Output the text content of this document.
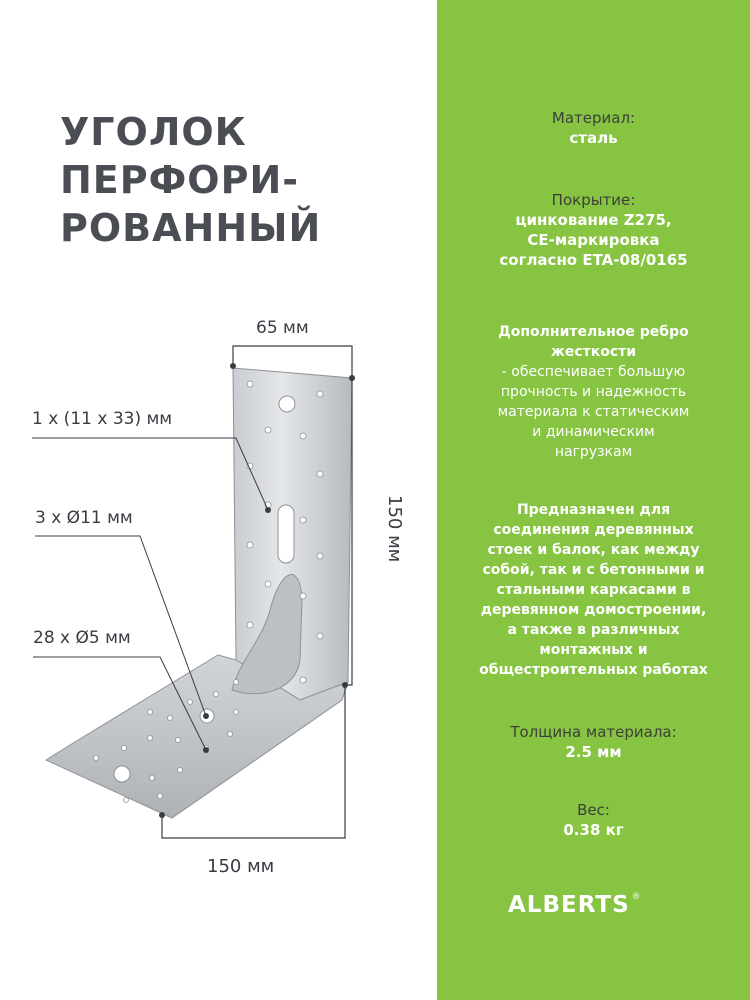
УГОЛОК
ПЕРФОРИ-
РОВАННЫЙ
65 мм
150 мм
150 мм
1 х (11 х 33) мм
3 х Ø11 мм
28 х Ø5 мм
Материал:
сталь
Покрытие:
цинкование Z275,
CE-маркировка
согласно ETA-08/0165
Дополнительное ребро
жесткости
- обеспечивает большую
прочность и надежность
материала к статическим
и динамическим
нагрузкам
Предназначен для
соединения деревянных
стоек и балок, как между
собой, так и с бетонными и
стальными каркасами в
деревянном домостроении,
а также в различных
монтажных и
общестроительных работах
Толщина материала:
2.5 мм
Вес:
0.38 кг
ALBERTS ®
